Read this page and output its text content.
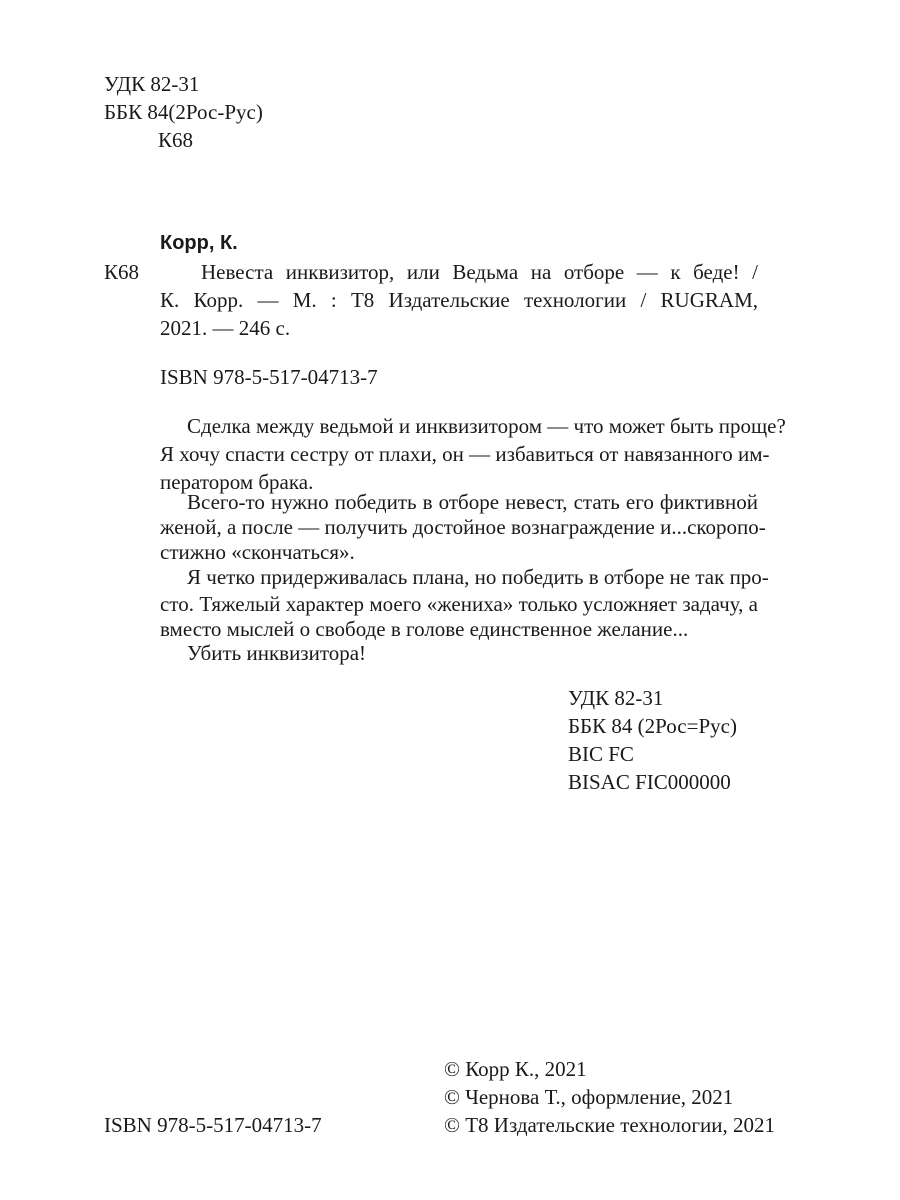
УДК 82-31
ББК 84(2Рос-Рус)
К68
Корр, К.
К68	Невеста инквизитор, или Ведьма на отборе — к беде! /
К. Корр. — М. : Т8 Издательские технологии / RUGRAM,
2021. — 246 с.
ISBN 978-5-517-04713-7
Сделка между ведьмой и инквизитором — что может быть проще?
Я хочу спасти сестру от плахи, он — избавиться от навязанного им-
ператором брака.
Всего-то нужно победить в отборе невест, стать его фиктивной
женой, а после — получить достойное вознаграждение и...скоропо-
стижно «скончаться».
Я четко придерживалась плана, но победить в отборе не так про-
сто. Тяжелый характер моего «жениха» только усложняет задачу, а
вместо мыслей о свободе в голове единственное желание...
Убить инквизитора!
УДК 82-31
ББК 84 (2Рос=Рус)
BIC FC
BISAC FIC000000
ISBN 978-5-517-04713-7
© Корр К., 2021
© Чернова Т., оформление, 2021
© Т8 Издательские технологии, 2021
